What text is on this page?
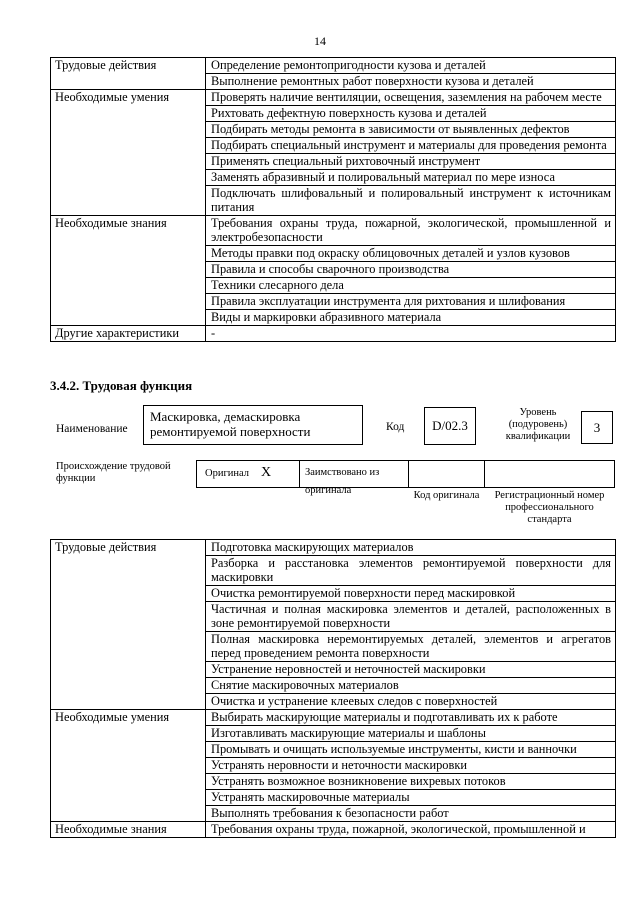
14
Трудовые действия	Определение ремонтопригодности кузова и деталей
	Выполнение ремонтных работ поверхности кузова и деталей
Необходимые умения	Проверять наличие вентиляции, освещения, заземления на рабочем месте
	Рихтовать дефектную поверхность кузова и деталей
	Подбирать методы ремонта в зависимости от выявленных дефектов
	Подбирать специальный инструмент и материалы для проведения ремонта
	Применять специальный рихтовочный инструмент
	Заменять абразивный и полировальный материал по мере износа
	Подключать шлифовальный и полировальный инструмент к источникам питания
Необходимые знания	Требования охраны труда, пожарной, экологической, промышленной и электробезопасности
	Методы правки под окраску облицовочных деталей и узлов кузовов
	Правила и способы сварочного производства
	Техники слесарного дела
	Правила эксплуатации инструмента для рихтования и шлифования
	Виды и маркировки абразивного материала
Другие характеристики	-
3.4.2. Трудовая функция
Наименование
Маскировка, демаскировка ремонтируемой поверхности	Код	D/02.3
Уровень (подуровень) квалификации
3
Происхождение трудовой функции	Оригинал X	Заимствовано из оригинала	Код оригинала	Регистрационный номер профессионального стандарта
Трудовые действия	Подготовка маскирующих материалов
	Разборка и расстановка элементов ремонтируемой поверхности для маскировки
	Очистка ремонтируемой поверхности перед маскировкой
	Частичная и полная маскировка элементов и деталей, расположенных в зоне ремонтируемой поверхности
	Полная маскировка неремонтируемых деталей, элементов и агрегатов перед проведением ремонта поверхности
	Устранение неровностей и неточностей маскировки
	Снятие маскировочных материалов
	Очистка и устранение клеевых следов с поверхностей
Необходимые умения	Выбирать маскирующие материалы и подготавливать их к работе
	Изготавливать маскирующие материалы и шаблоны
	Промывать и очищать используемые инструменты, кисти и ванночки
	Устранять неровности и неточности маскировки
	Устранять возможное возникновение вихревых потоков
	Устранять маскировочные материалы
	Выполнять требования к безопасности работ
Необходимые знания	Требования охраны труда, пожарной, экологической, промышленной и
